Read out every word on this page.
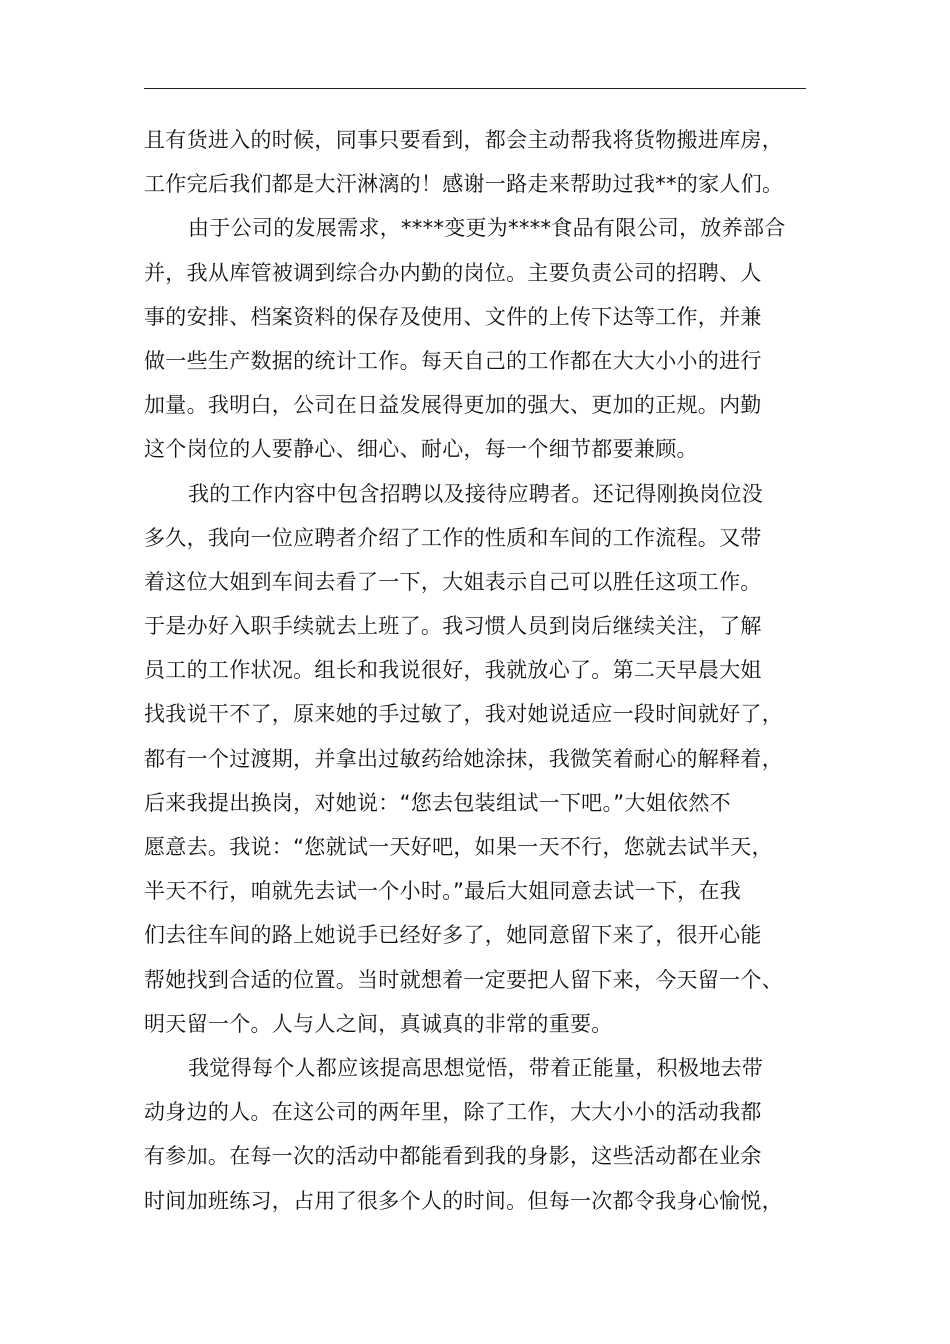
且有货进入的时候，同事只要看到，都会主动帮我将货物搬进库房，
工作完后我们都是大汗淋漓的！感谢一路走来帮助过我**的家人们。
由于公司的发展需求，****变更为****食品有限公司，放养部合
并，我从库管被调到综合办内勤的岗位。主要负责公司的招聘、人
事的安排、档案资料的保存及使用、文件的上传下达等工作，并兼
做一些生产数据的统计工作。每天自己的工作都在大大小小的进行
加量。我明白，公司在日益发展得更加的强大、更加的正规。内勤
这个岗位的人要静心、细心、耐心，每一个细节都要兼顾。
我的工作内容中包含招聘以及接待应聘者。还记得刚换岗位没
多久，我向一位应聘者介绍了工作的性质和车间的工作流程。又带
着这位大姐到车间去看了一下，大姐表示自己可以胜任这项工作。
于是办好入职手续就去上班了。我习惯人员到岗后继续关注，了解
员工的工作状况。组长和我说很好，我就放心了。第二天早晨大姐
找我说干不了，原来她的手过敏了，我对她说适应一段时间就好了，
都有一个过渡期，并拿出过敏药给她涂抹，我微笑着耐心的解释着，
后来我提出换岗，对她说：“您去包装组试一下吧。”大姐依然不
愿意去。我说：“您就试一天好吧，如果一天不行，您就去试半天，
半天不行，咱就先去试一个小时。”最后大姐同意去试一下，在我
们去往车间的路上她说手已经好多了，她同意留下来了，很开心能
帮她找到合适的位置。当时就想着一定要把人留下来，今天留一个、
明天留一个。人与人之间，真诚真的非常的重要。
我觉得每个人都应该提高思想觉悟，带着正能量，积极地去带
动身边的人。在这公司的两年里，除了工作，大大小小的活动我都
有参加。在每一次的活动中都能看到我的身影，这些活动都在业余
时间加班练习，占用了很多个人的时间。但每一次都令我身心愉悦，
